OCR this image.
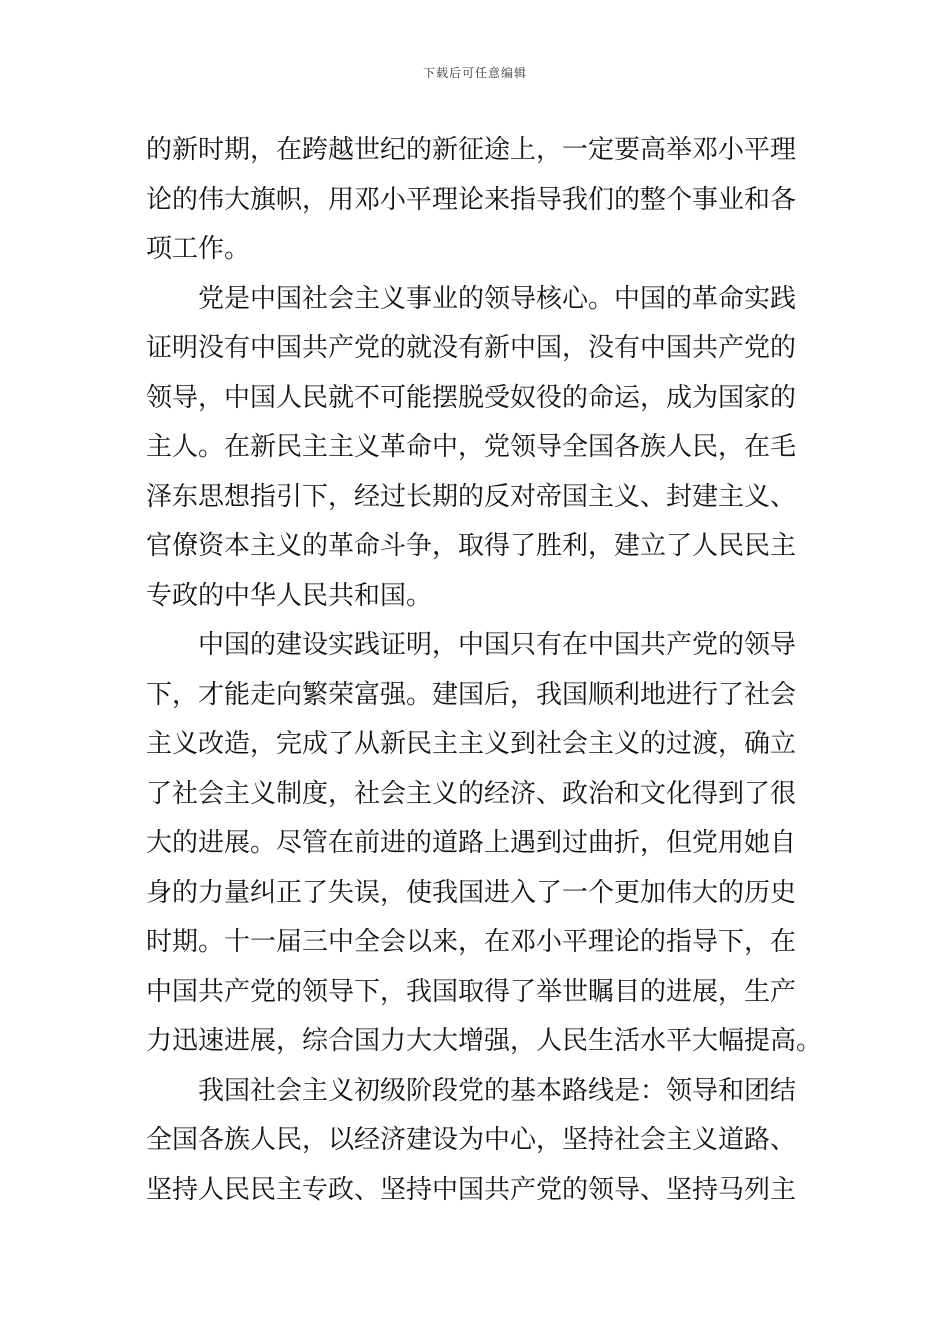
下载后可任意编辑
的新时期，在跨越世纪的新征途上，一定要高举邓小平理
论的伟大旗帜，用邓小平理论来指导我们的整个事业和各
项工作。
　　党是中国社会主义事业的领导核心。中国的革命实践
证明没有中国共产党的就没有新中国，没有中国共产党的
领导，中国人民就不可能摆脱受奴役的命运，成为国家的
主人。在新民主主义革命中，党领导全国各族人民，在毛
泽东思想指引下，经过长期的反对帝国主义、封建主义、
官僚资本主义的革命斗争，取得了胜利，建立了人民民主
专政的中华人民共和国。
　　中国的建设实践证明，中国只有在中国共产党的领导
下，才能走向繁荣富强。建国后，我国顺利地进行了社会
主义改造，完成了从新民主主义到社会主义的过渡，确立
了社会主义制度，社会主义的经济、政治和文化得到了很
大的进展。尽管在前进的道路上遇到过曲折，但党用她自
身的力量纠正了失误，使我国进入了一个更加伟大的历史
时期。十一届三中全会以来，在邓小平理论的指导下，在
中国共产党的领导下，我国取得了举世瞩目的进展，生产
力迅速进展，综合国力大大增强，人民生活水平大幅提高。
　　我国社会主义初级阶段党的基本路线是：领导和团结
全国各族人民，以经济建设为中心，坚持社会主义道路、
坚持人民民主专政、坚持中国共产党的领导、坚持马列主
